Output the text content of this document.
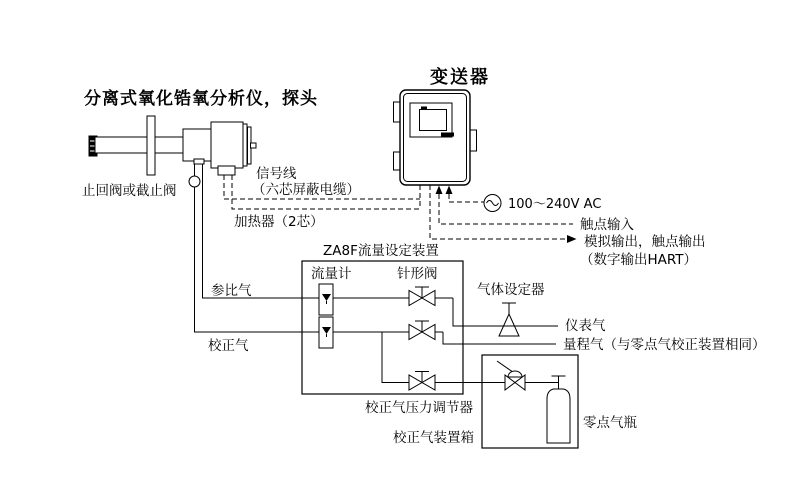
分离式氧化锆氧分析仪，探头
变送器
ZA8F流量设定装置
流量计	针形阀
参比气
校正气
气体设定器
仪表气
量程气（与零点气校正装置相同）
校正气压力调节器
校正气装置箱
零点气瓶
止回阀或截止阀
信号线
（六芯屏蔽电缆）
加热器（2芯）
100～240V AC
触点输入
模拟输出，触点输出
（数字输出HART）
